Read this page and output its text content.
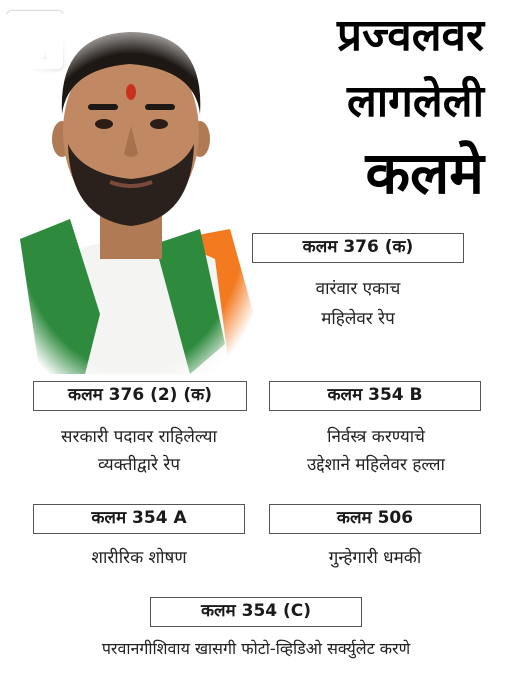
प्रज्वलवर
लागलेली
कलमे
कलम 376 (क)
वारंवार एकाच
महिलेवर रेप
कलम 376 (2) (क)
सरकारी पदावर राहिलेल्या
व्यक्तीद्वारे रेप
कलम 354 B
निर्वस्त्र करण्याचे
उद्देशाने महिलेवर हल्ला
कलम 354 A
शारीरिक शोषण
कलम 506
गुन्हेगारी धमकी
कलम 354 (C)
परवानगीशिवाय खासगी फोटो-व्हिडिओ सर्क्युलेट करणे
